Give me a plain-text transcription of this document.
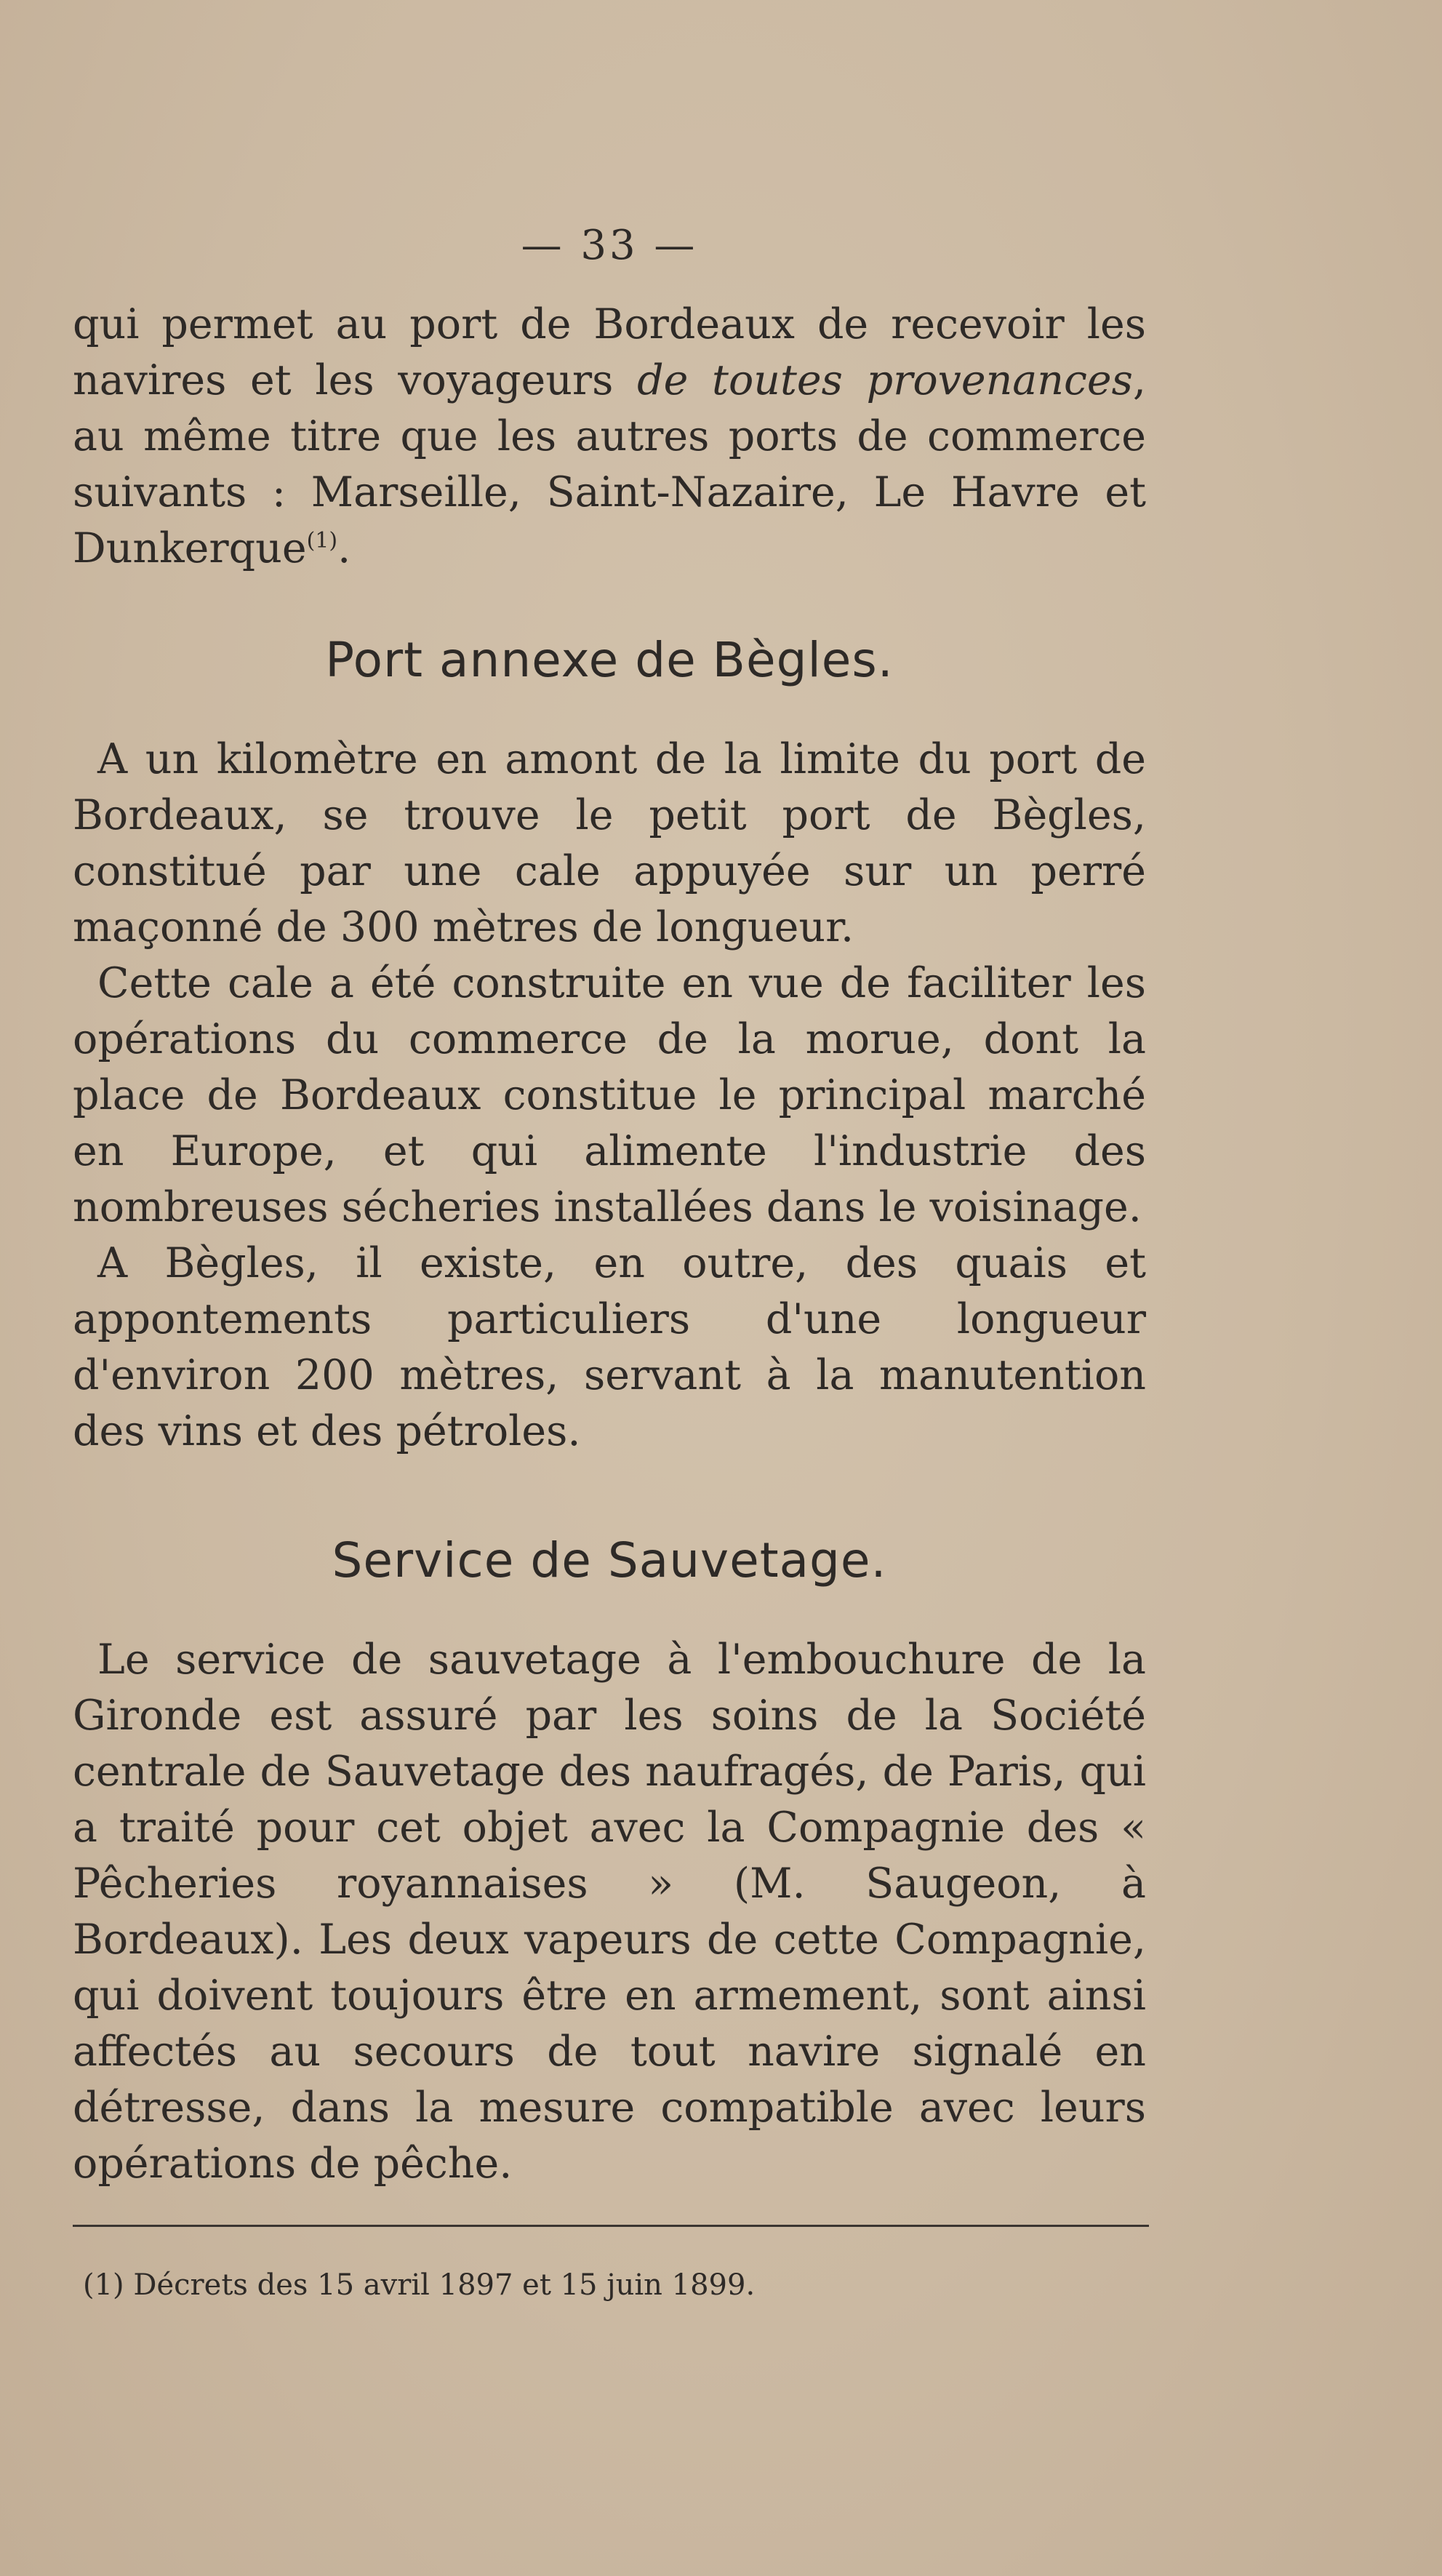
— 33 —

qui permet au port de Bordeaux de recevoir les navires et les voyageurs de toutes provenances, au même titre que les autres ports de commerce suivants : Marseille, Saint-Nazaire, Le Havre et Dunkerque$^{(1)}$.

Port annexe de Bègles.

A un kilomètre en amont de la limite du port de Bordeaux, se trouve le petit port de Bègles, constitué par une cale appuyée sur un perré maçonné de 300 mètres de longueur.

Cette cale a été construite en vue de faciliter les opérations du commerce de la morue, dont la place de Bordeaux constitue le principal marché en Europe, et qui alimente l'industrie des nombreuses sécheries installées dans le voisinage.

A Bègles, il existe, en outre, des quais et appontements particuliers d'une longueur d'environ 200 mètres, servant à la manutention des vins et des pétroles.

Service de Sauvetage.

Le service de sauvetage à l'embouchure de la Gironde est assuré par les soins de la Société centrale de Sauvetage des naufragés, de Paris, qui a traité pour cet objet avec la Compagnie des « Pêcheries royannaises » (M. Saugeon, à Bordeaux). Les deux vapeurs de cette Compagnie, qui doivent toujours être en armement, sont ainsi affectés au secours de tout navire signalé en détresse, dans la mesure compatible avec leurs opérations de pêche.

(1) Décrets des 15 avril 1897 et 15 juin 1899.
